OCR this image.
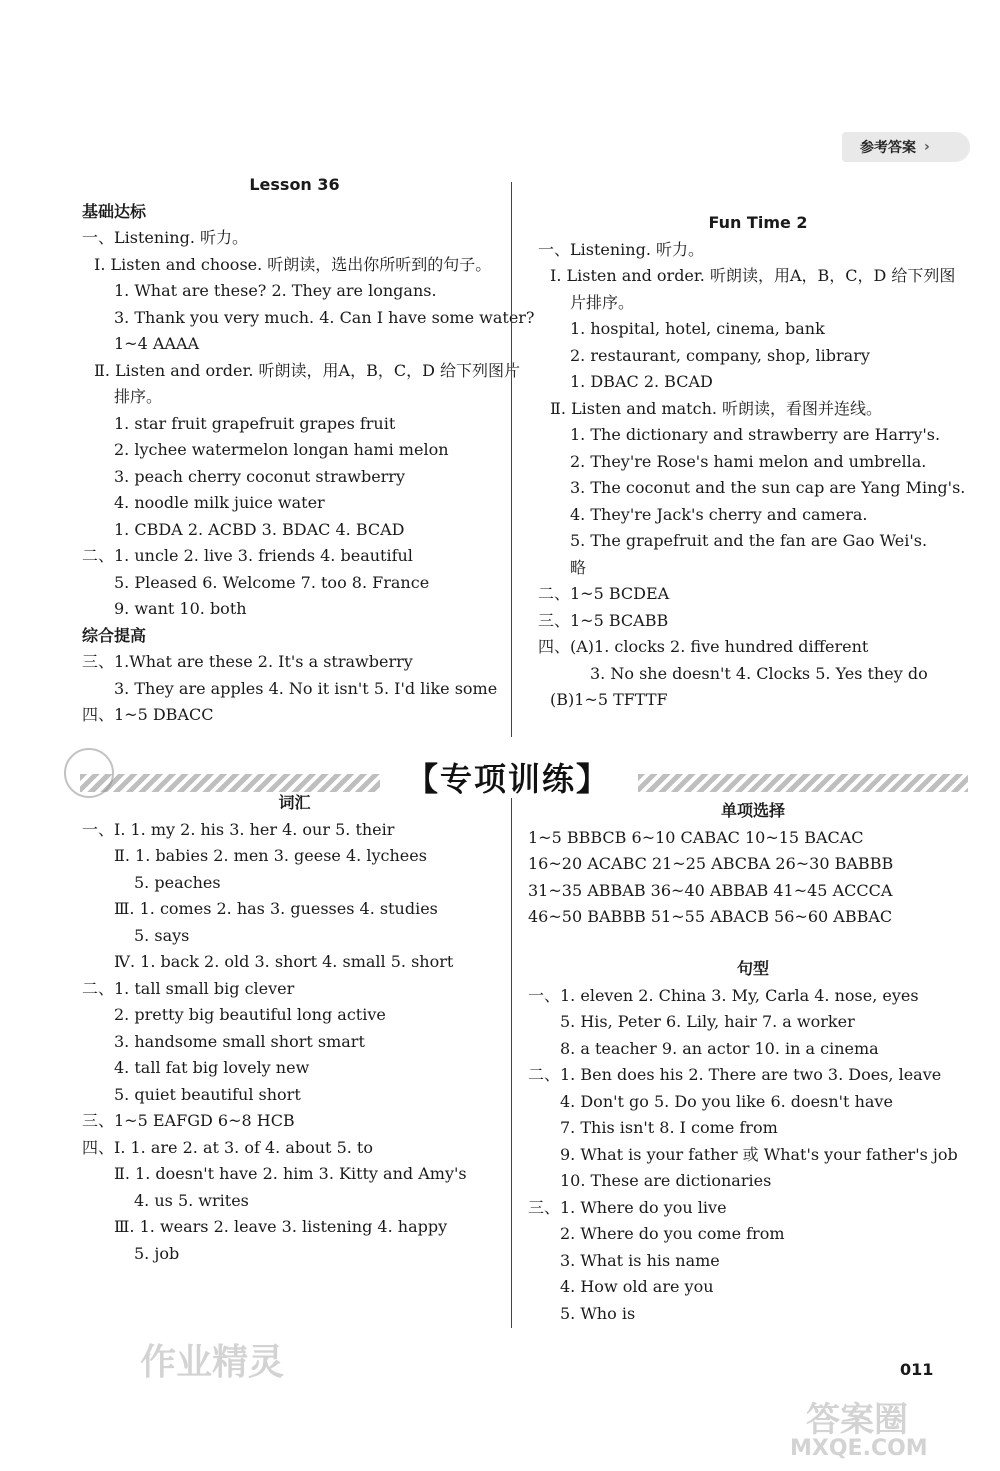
参考答案 ›
Lesson 36
基础达标
一、Listening. 听力。
Ⅰ. Listen and choose. 听朗读，选出你所听到的句子。
1. What are these? 2. They are longans.
3. Thank you very much. 4. Can I have some water?
1~4 AAAA
Ⅱ. Listen and order. 听朗读，用A，B，C，D 给下列图片
排序。
1. star fruit grapefruit grapes fruit
2. lychee watermelon longan hami melon
3. peach cherry coconut strawberry
4. noodle milk juice water
1. CBDA 2. ACBD 3. BDAC 4. BCAD
二、1. uncle 2. live 3. friends 4. beautiful
5. Pleased 6. Welcome 7. too 8. France
9. want 10. both
综合提高
三、1.What are these 2. It's a strawberry
3. They are apples 4. No it isn't 5. I'd like some
四、1~5 DBACC
Fun Time 2
一、Listening. 听力。
Ⅰ. Listen and order. 听朗读，用A，B，C，D 给下列图
片排序。
1. hospital, hotel, cinema, bank
2. restaurant, company, shop, library
1. DBAC 2. BCAD
Ⅱ. Listen and match. 听朗读，看图并连线。
1. The dictionary and strawberry are Harry's.
2. They're Rose's hami melon and umbrella.
3. The coconut and the sun cap are Yang Ming's.
4. They're Jack's cherry and camera.
5. The grapefruit and the fan are Gao Wei's.
略
二、1~5 BCDEA
三、1~5 BCABB
四、(A)1. clocks 2. five hundred different
3. No she doesn't 4. Clocks 5. Yes they do
(B)1~5 TFTTF
【专项训练】
词汇
一、Ⅰ. 1. my 2. his 3. her 4. our 5. their
Ⅱ. 1. babies 2. men 3. geese 4. lychees
5. peaches
Ⅲ. 1. comes 2. has 3. guesses 4. studies
5. says
Ⅳ. 1. back 2. old 3. short 4. small 5. short
二、1. tall small big clever
2. pretty big beautiful long active
3. handsome small short smart
4. tall fat big lovely new
5. quiet beautiful short
三、1~5 EAFGD 6~8 HCB
四、Ⅰ. 1. are 2. at 3. of 4. about 5. to
Ⅱ. 1. doesn't have 2. him 3. Kitty and Amy's
4. us 5. writes
Ⅲ. 1. wears 2. leave 3. listening 4. happy
5. job
单项选择
1~5 BBBCB 6~10 CABAC 10~15 BACAC
16~20 ACABC 21~25 ABCBA 26~30 BABBB
31~35 ABBAB 36~40 ABBAB 41~45 ACCCA
46~50 BABBB 51~55 ABACB 56~60 ABBAC
句型
一、1. eleven 2. China 3. My, Carla 4. nose, eyes
5. His, Peter 6. Lily, hair 7. a worker
8. a teacher 9. an actor 10. in a cinema
二、1. Ben does his 2. There are two 3. Does, leave
4. Don't go 5. Do you like 6. doesn't have
7. This isn't 8. I come from
9. What is your father 或 What's your father's job
10. These are dictionaries
三、1. Where do you live
2. Where do you come from
3. What is his name
4. How old are you
5. Who is
作业精灵
答案圈
MXQE.COM
011
